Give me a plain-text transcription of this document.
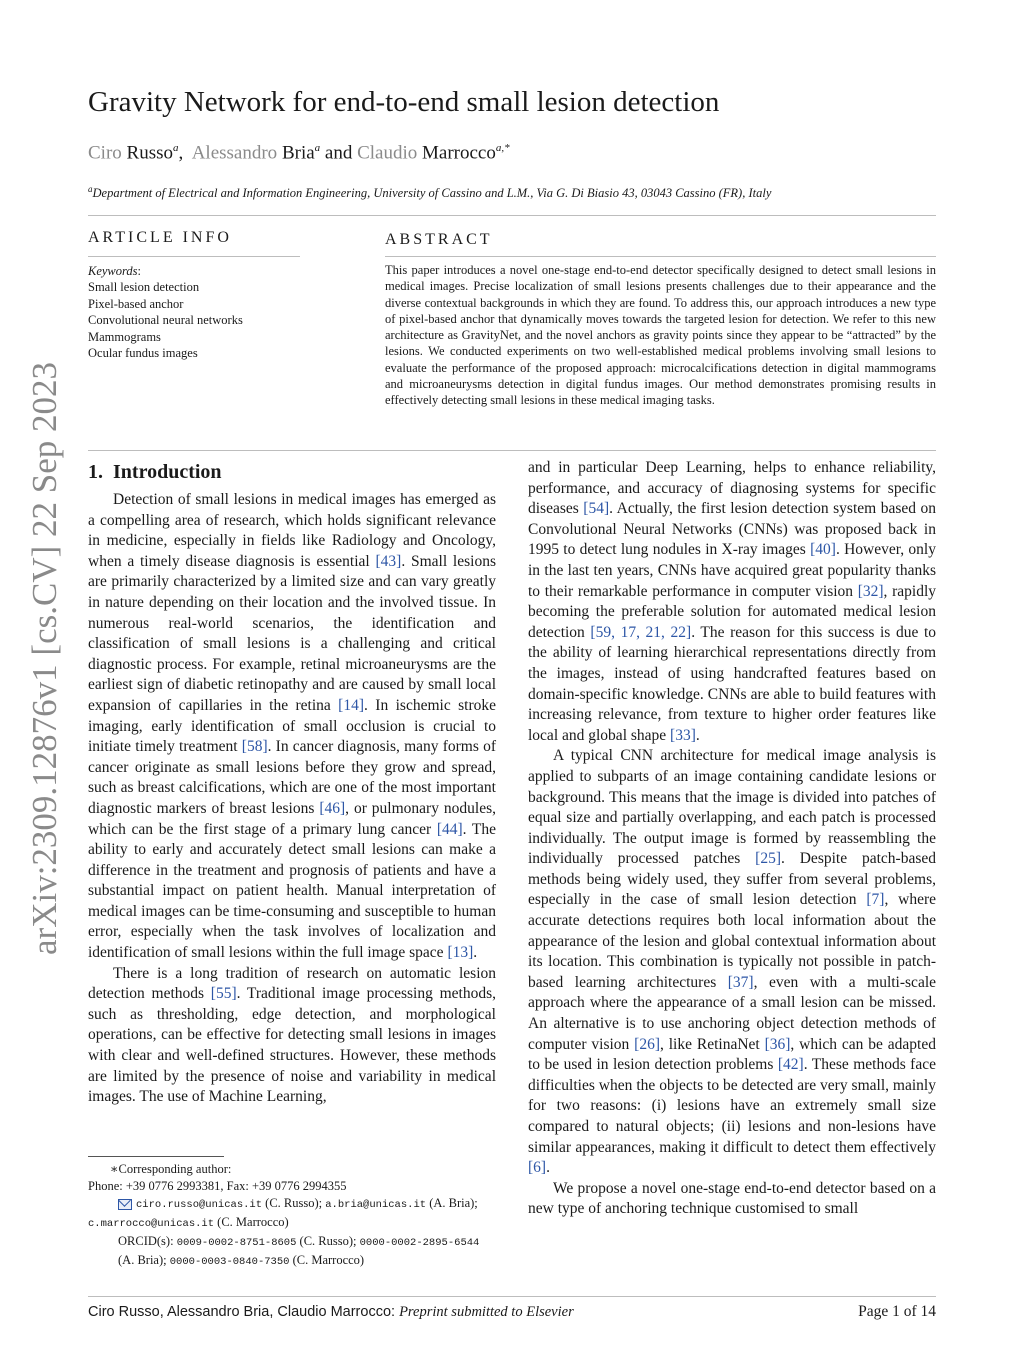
arXiv:2309.12876v1 [cs.CV] 22 Sep 2023
Gravity Network for end-to-end small lesion detection
Ciro Russo$^a$, Alessandro Bria$^a$ and Claudio Marrocco$^{a,*}$
$^a$Department of Electrical and Information Engineering, University of Cassino and L.M., Via G. Di Biasio 43, 03043 Cassino (FR), Italy
ARTICLE INFO
Keywords:
Small lesion detection
Pixel-based anchor
Convolutional neural networks
Mammograms
Ocular fundus images
ABSTRACT
This paper introduces a novel one-stage end-to-end detector specifically designed to detect small lesions in medical images. Precise localization of small lesions presents challenges due to their appearance and the diverse contextual backgrounds in which they are found. To address this, our approach introduces a new type of pixel-based anchor that dynamically moves towards the targeted lesion for detection. We refer to this new architecture as GravityNet, and the novel anchors as gravity points since they appear to be “attracted” by the lesions. We conducted experiments on two well-established medical problems involving small lesions to evaluate the performance of the proposed approach: microcalcifications detection in digital mammograms and microaneurysms detection in digital fundus images. Our method demonstrates promising results in effectively detecting small lesions in these medical imaging tasks.
1. Introduction

Detection of small lesions in medical images has emerged as a compelling area of research, which holds significant relevance in medicine, especially in fields like Radiology and Oncology, when a timely disease diagnosis is essential [43]. Small lesions are primarily characterized by a limited size and can vary greatly in nature depending on their location and the involved tissue. In numerous real-world scenarios, the identification and classification of small lesions is a challenging and critical diagnostic process. For example, retinal microaneurysms are the earliest sign of diabetic retinopathy and are caused by small local expansion of capillaries in the retina [14]. In ischemic stroke imaging, early identification of small occlusion is crucial to initiate timely treatment [58]. In cancer diagnosis, many forms of cancer originate as small lesions before they grow and spread, such as breast calcifications, which are one of the most important diagnostic markers of breast lesions [46], or pulmonary nodules, which can be the first stage of a primary lung cancer [44]. The ability to early and accurately detect small lesions can make a difference in the treatment and prognosis of patients and have a substantial impact on patient health. Manual interpretation of medical images can be time-consuming and susceptible to human error, especially when the task involves of localization and identification of small lesions within the full image space [13].

There is a long tradition of research on automatic lesion detection methods [55]. Traditional image processing methods, such as thresholding, edge detection, and morphological operations, can be effective for detecting small lesions in images with clear and well-defined structures. However, these methods are limited by the presence of noise and variability in medical images. The use of Machine Learning,

and in particular Deep Learning, helps to enhance reliability, performance, and accuracy of diagnosing systems for specific diseases [54]. Actually, the first lesion detection system based on Convolutional Neural Networks (CNNs) was proposed back in 1995 to detect lung nodules in X-ray images [40]. However, only in the last ten years, CNNs have acquired great popularity thanks to their remarkable performance in computer vision [32], rapidly becoming the preferable solution for automated medical lesion detection [59, 17, 21, 22]. The reason for this success is due to the ability of learning hierarchical representations directly from the images, instead of using handcrafted features based on domain-specific knowledge. CNNs are able to build features with increasing relevance, from texture to higher order features like local and global shape [33].

A typical CNN architecture for medical image analysis is applied to subparts of an image containing candidate lesions or background. This means that the image is divided into patches of equal size and partially overlapping, and each patch is processed individually. The output image is formed by reassembling the individually processed patches [25]. Despite patch-based methods being widely used, they suffer from several problems, especially in the case of small lesion detection [7], where accurate detections requires both local information about the appearance of the lesion and global contextual information about its location. This combination is typically not possible in patch-based learning architectures [37], even with a multi-scale approach where the appearance of a small lesion can be missed. An alternative is to use anchoring object detection methods of computer vision [26], like RetinaNet [36], which can be adapted to be used in lesion detection problems [42]. These methods face difficulties when the objects to be detected are very small, mainly for two reasons: (i) lesions have an extremely small size compared to natural objects; (ii) lesions and non-lesions have similar appearances, making it difficult to detect them effectively [6].

We propose a novel one-stage end-to-end detector based on a new type of anchoring technique customised to small

∗Corresponding author:
Phone: +39 0776 2993381, Fax: +39 0776 2994355
ciro.russo@unicas.it (C. Russo); a.bria@unicas.it (A. Bria);
c.marrocco@unicas.it (C. Marrocco)
ORCID(s): 0009-0002-8751-8605 (C. Russo); 0000-0002-2895-6544 (A. Bria); 0000-0003-0840-7350 (C. Marrocco)
Ciro Russo, Alessandro Bria, Claudio Marrocco: Preprint submitted to Elsevier	Page 1 of 14
